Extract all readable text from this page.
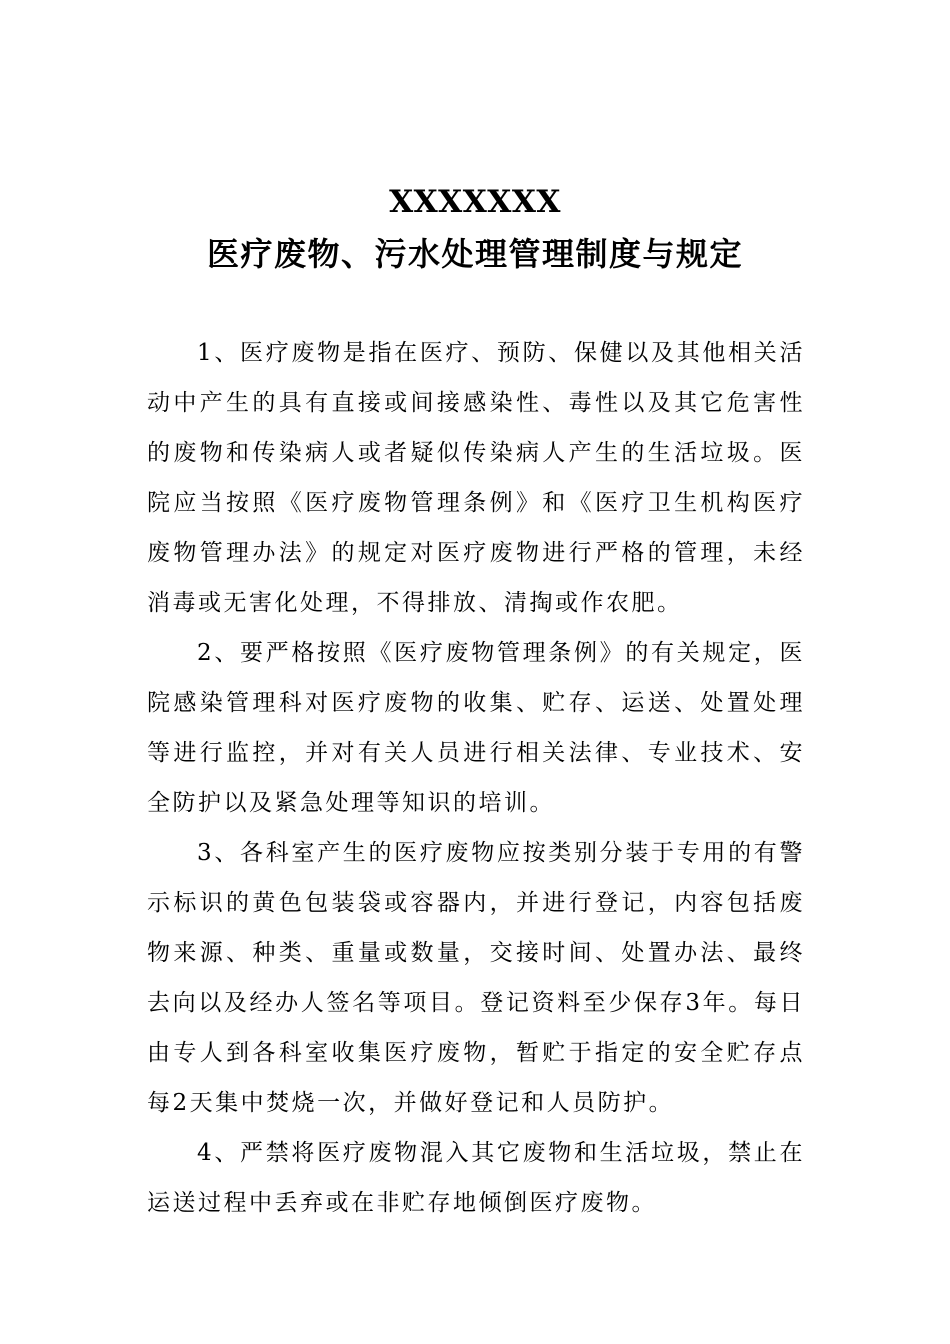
XXXXXXX
医疗废物、污水处理管理制度与规定

1、医疗废物是指在医疗、预防、保健以及其他相关活动中产生的具有直接或间接感染性、毒性以及其它危害性的废物和传染病人或者疑似传染病人产生的生活垃圾。医院应当按照《医疗废物管理条例》和《医疗卫生机构医疗废物管理办法》的规定对医疗废物进行严格的管理，未经消毒或无害化处理，不得排放、清掏或作农肥。

2、要严格按照《医疗废物管理条例》的有关规定，医院感染管理科对医疗废物的收集、贮存、运送、处置处理等进行监控，并对有关人员进行相关法律、专业技术、安全防护以及紧急处理等知识的培训。

3、各科室产生的医疗废物应按类别分装于专用的有警示标识的黄色包装袋或容器内，并进行登记，内容包括废物来源、种类、重量或数量，交接时间、处置办法、最终去向以及经办人签名等项目。登记资料至少保存3年。每日由专人到各科室收集医疗废物，暂贮于指定的安全贮存点每2天集中焚烧一次，并做好登记和人员防护。

4、严禁将医疗废物混入其它废物和生活垃圾，禁止在运送过程中丢弃或在非贮存地倾倒医疗废物。
